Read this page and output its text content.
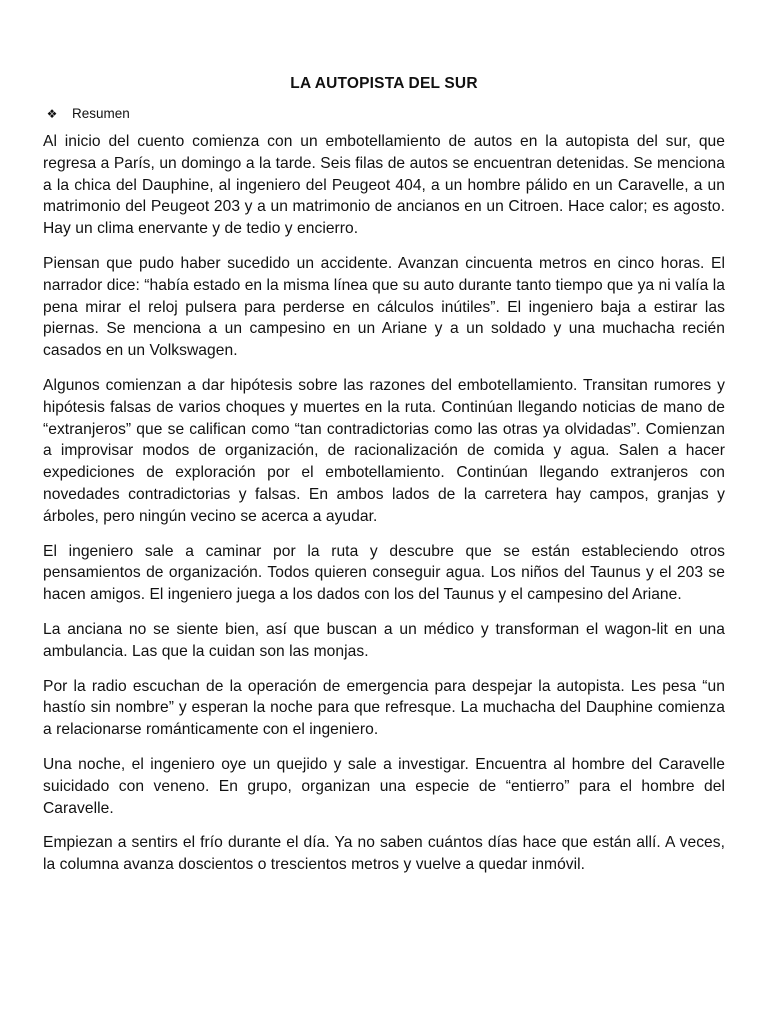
LA AUTOPISTA DEL SUR
❖ Resumen

Al inicio del cuento comienza con un embotellamiento de autos en la autopista del sur, que regresa a París, un domingo a la tarde. Seis filas de autos se encuentran detenidas. Se menciona a la chica del Dauphine, al ingeniero del Peugeot 404, a un hombre pálido en un Caravelle, a un matrimonio del Peugeot 203 y a un matrimonio de ancianos en un Citroen. Hace calor; es agosto. Hay un clima enervante y de tedio y encierro.

Piensan que pudo haber sucedido un accidente. Avanzan cincuenta metros en cinco horas. El narrador dice: “había estado en la misma línea que su auto durante tanto tiempo que ya ni valía la pena mirar el reloj pulsera para perderse en cálculos inútiles”. El ingeniero baja a estirar las piernas. Se menciona a un campesino en un Ariane y a un soldado y una muchacha recién casados en un Volkswagen.

Algunos comienzan a dar hipótesis sobre las razones del embotellamiento. Transitan rumores y hipótesis falsas de varios choques y muertes en la ruta. Continúan llegando noticias de mano de “extranjeros” que se califican como “tan contradictorias como las otras ya olvidadas”. Comienzan a improvisar modos de organización, de racionalización de comida y agua. Salen a hacer expediciones de exploración por el embotellamiento. Continúan llegando extranjeros con novedades contradictorias y falsas. En ambos lados de la carretera hay campos, granjas y árboles, pero ningún vecino se acerca a ayudar.

El ingeniero sale a caminar por la ruta y descubre que se están estableciendo otros pensamientos de organización. Todos quieren conseguir agua. Los niños del Taunus y el 203 se hacen amigos. El ingeniero juega a los dados con los del Taunus y el campesino del Ariane.

La anciana no se siente bien, así que buscan a un médico y transforman el wagon-lit en una ambulancia. Las que la cuidan son las monjas.

Por la radio escuchan de la operación de emergencia para despejar la autopista. Les pesa “un hastío sin nombre” y esperan la noche para que refresque. La muchacha del Dauphine comienza a relacionarse románticamente con el ingeniero.

Una noche, el ingeniero oye un quejido y sale a investigar. Encuentra al hombre del Caravelle suicidado con veneno. En grupo, organizan una especie de “entierro” para el hombre del Caravelle.

Empiezan a sentirs el frío durante el día. Ya no saben cuántos días hace que están allí. A veces, la columna avanza doscientos o trescientos metros y vuelve a quedar inmóvil.
